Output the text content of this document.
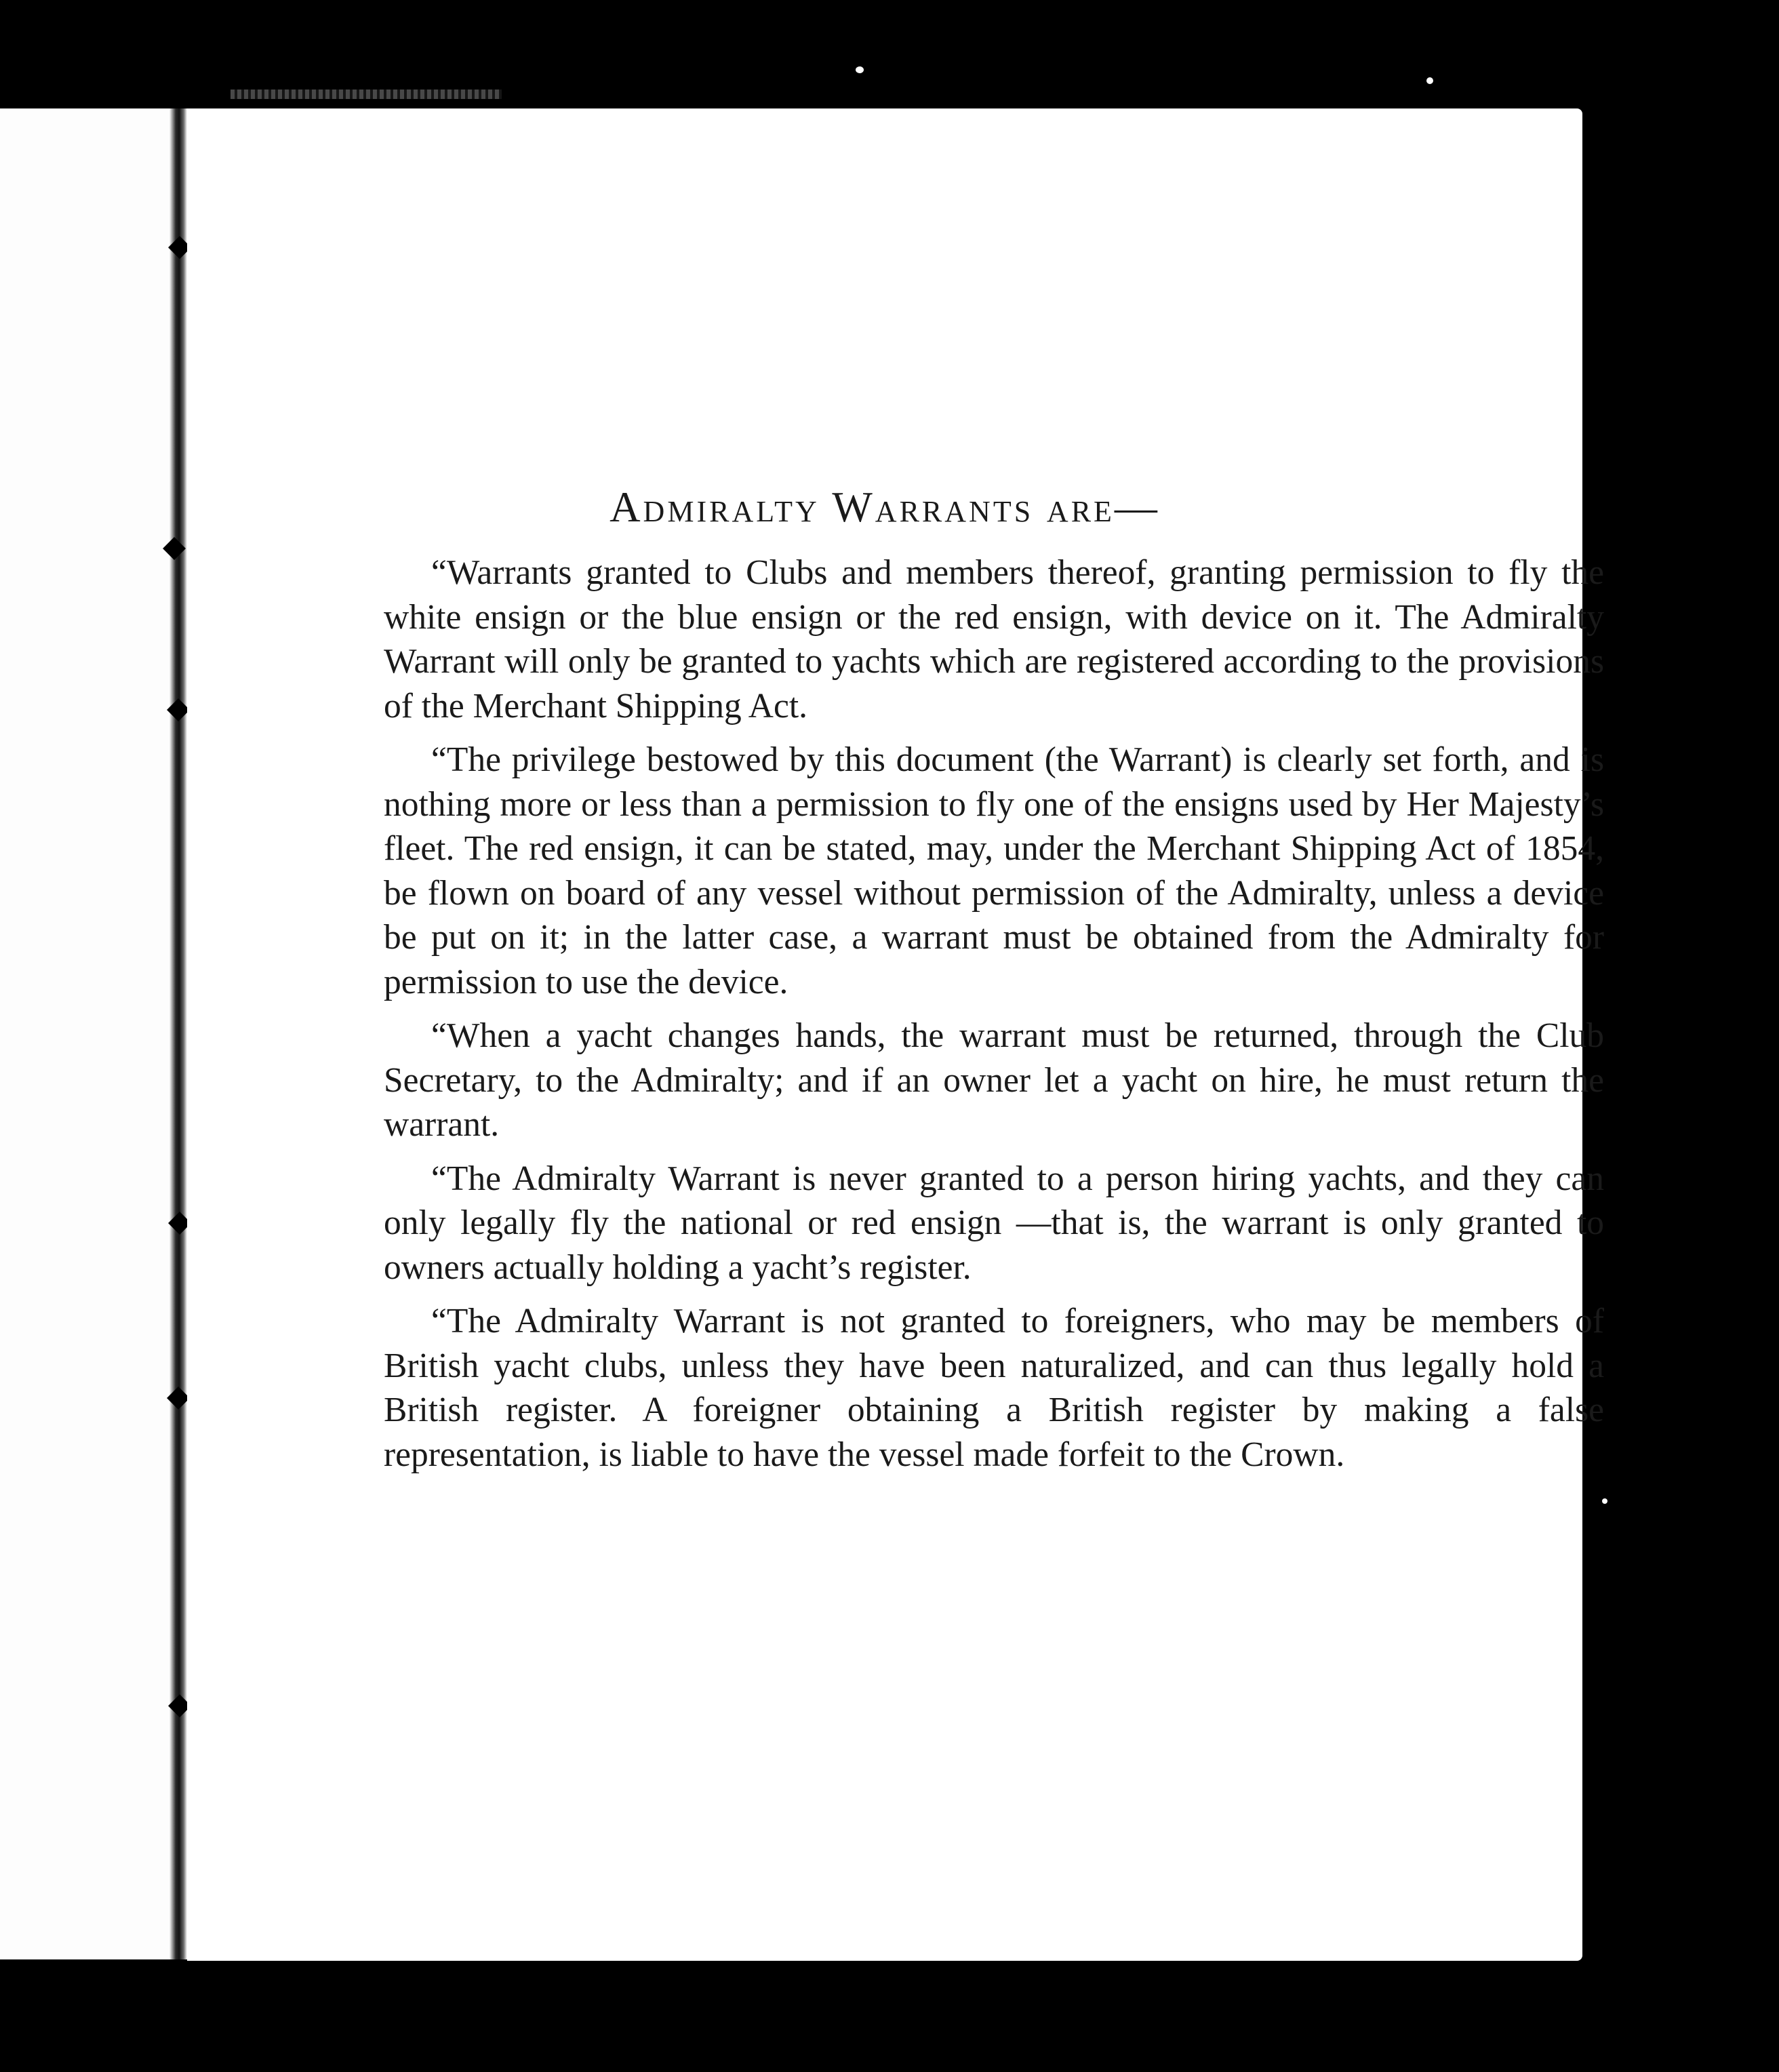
Admiralty Warrants are—

“Warrants granted to Clubs and members thereof, granting permission to fly the white ensign or the blue ensign or the red ensign, with device on it. The Admiralty Warrant will only be granted to yachts which are registered according to the provisions of the Merchant Shipping Act.

“The privilege bestowed by this document (the Warrant) is clearly set forth, and is nothing more or less than a permission to fly one of the ensigns used by Her Majesty’s fleet. The red ensign, it can be stated, may, under the Merchant Shipping Act of 1854, be flown on board of any vessel without permission of the Admiralty, unless a device be put on it; in the latter case, a warrant must be obtained from the Admiralty for permission to use the device.

“When a yacht changes hands, the warrant must be returned, through the Club Secretary, to the Admiralty; and if an owner let a yacht on hire, he must return the warrant.

“The Admiralty Warrant is never granted to a person hiring yachts, and they can only legally fly the national or red ensign —that is, the warrant is only granted to owners actually holding a yacht’s register.

“The Admiralty Warrant is not granted to foreigners, who may be members of British yacht clubs, unless they have been naturalized, and can thus legally hold a British register. A foreigner obtaining a British register by making a false representation, is liable to have the vessel made forfeit to the Crown.
